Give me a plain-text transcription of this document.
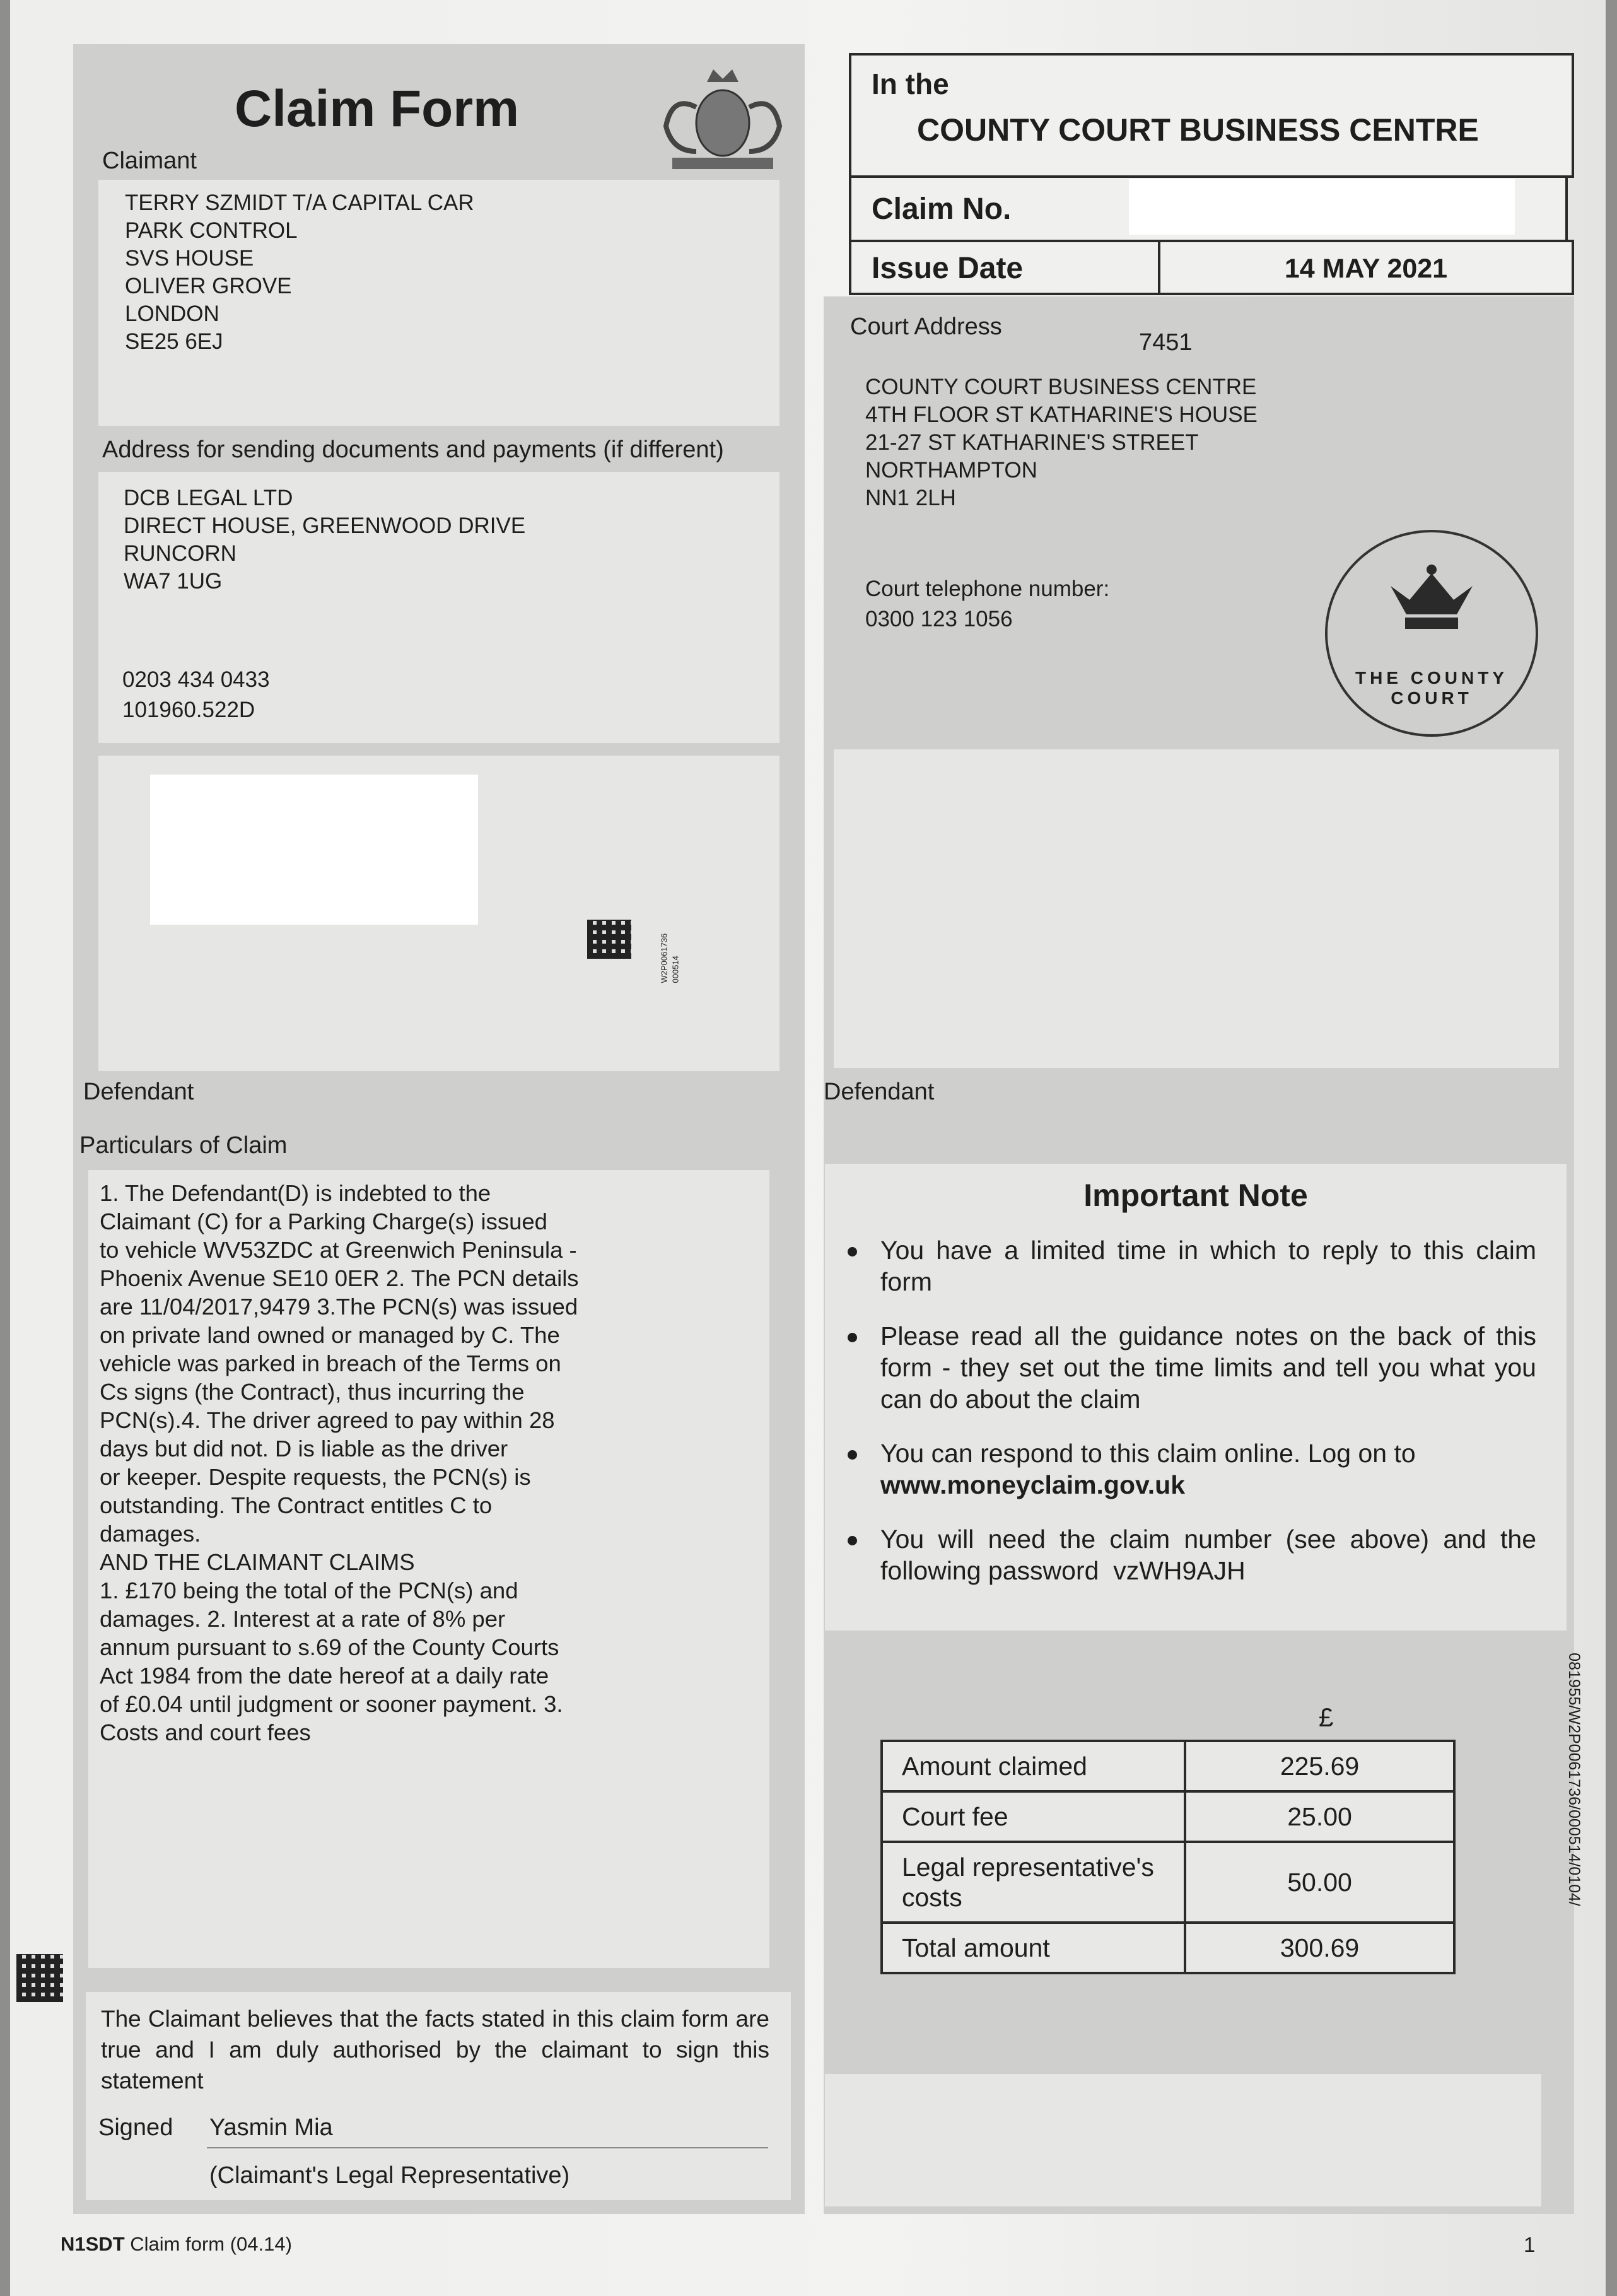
Claim Form
Claimant
TERRY SZMIDT T/A CAPITAL CAR
PARK CONTROL
SVS HOUSE
OLIVER GROVE
LONDON
SE25 6EJ
Address for sending documents and payments (if different)
DCB LEGAL LTD
DIRECT HOUSE, GREENWOOD DRIVE
RUNCORN
WA7 1UG
0203 434 0433
101960.522D
In the
COUNTY COURT BUSINESS CENTRE
Claim No.
Issue Date	14 MAY 2021
Court Address
7451
COUNTY COURT BUSINESS CENTRE
4TH FLOOR ST KATHARINE'S HOUSE
21-27 ST KATHARINE'S STREET
NORTHAMPTON
NN1 2LH
Court telephone number:
0300 123 1056
THE COUNTY COURT
W2P0061736 000514
Defendant	Defendant
Particulars of Claim
1. The Defendant(D) is indebted to the
Claimant (C) for a Parking Charge(s) issued
to vehicle WV53ZDC at Greenwich Peninsula -
Phoenix Avenue SE10 0ER 2. The PCN details
are 11/04/2017,9479 3.The PCN(s) was issued
on private land owned or managed by C. The
vehicle was parked in breach of the Terms on
Cs signs (the Contract), thus incurring the
PCN(s).4. The driver agreed to pay within 28
days but did not. D is liable as the driver
or keeper. Despite requests, the PCN(s) is
outstanding. The Contract entitles C to
damages.
AND THE CLAIMANT CLAIMS
1. £170 being the total of the PCN(s) and
damages. 2. Interest at a rate of 8% per
annum pursuant to s.69 of the County Courts
Act 1984 from the date hereof at a daily rate
of £0.04 until judgment or sooner payment. 3.
Costs and court fees
Important Note
You have a limited time in which to reply to this claim form
Please read all the guidance notes on the back of this form - they set out the time limits and tell you what you can do about the claim
You can respond to this claim online. Log on to
www.moneyclaim.gov.uk
You will need the claim number (see above) and the following password vzWH9AJH
£
Amount claimed	225.69
Court fee	25.00
Legal representative's costs	50.00
Total amount	300.69
The Claimant believes that the facts stated in this claim form are true and I am duly authorised by the claimant to sign this statement
Signed Yasmin Mia
(Claimant's Legal Representative)
N1SDT Claim form (04.14)	1
081955/W2P0061736/000514/0104/
